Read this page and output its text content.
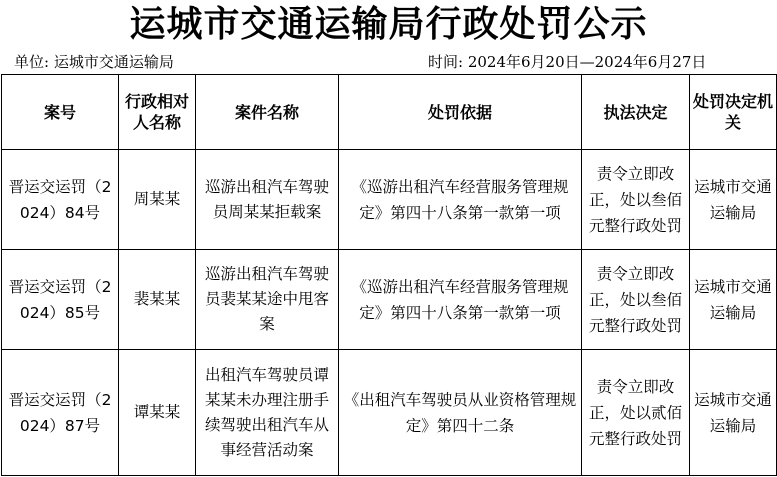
运城市交通运输局行政处罚公示
单位: 运城市交通运输局	时间: 2024年6月20日—2024年6月27日
案号	行政相对人名称	案件名称	处罚依据	执法决定	处罚决定机关
晋运交运罚（2024）84号	周某某	巡游出租汽车驾驶员周某某拒载案	《巡游出租汽车经营服务管理规定》第四十八条第一款第一项	责令立即改正，处以叁佰元整行政处罚	运城市交通运输局
晋运交运罚（2024）85号	裴某某	巡游出租汽车驾驶员裴某某途中甩客案	《巡游出租汽车经营服务管理规定》第四十八条第一款第一项	责令立即改正，处以叁佰元整行政处罚	运城市交通运输局
晋运交运罚（2024）87号	谭某某	出租汽车驾驶员谭某某未办理注册手续驾驶出租汽车从事经营活动案	《出租汽车驾驶员从业资格管理规定》第四十二条	责令立即改正，处以贰佰元整行政处罚	运城市交通运输局
